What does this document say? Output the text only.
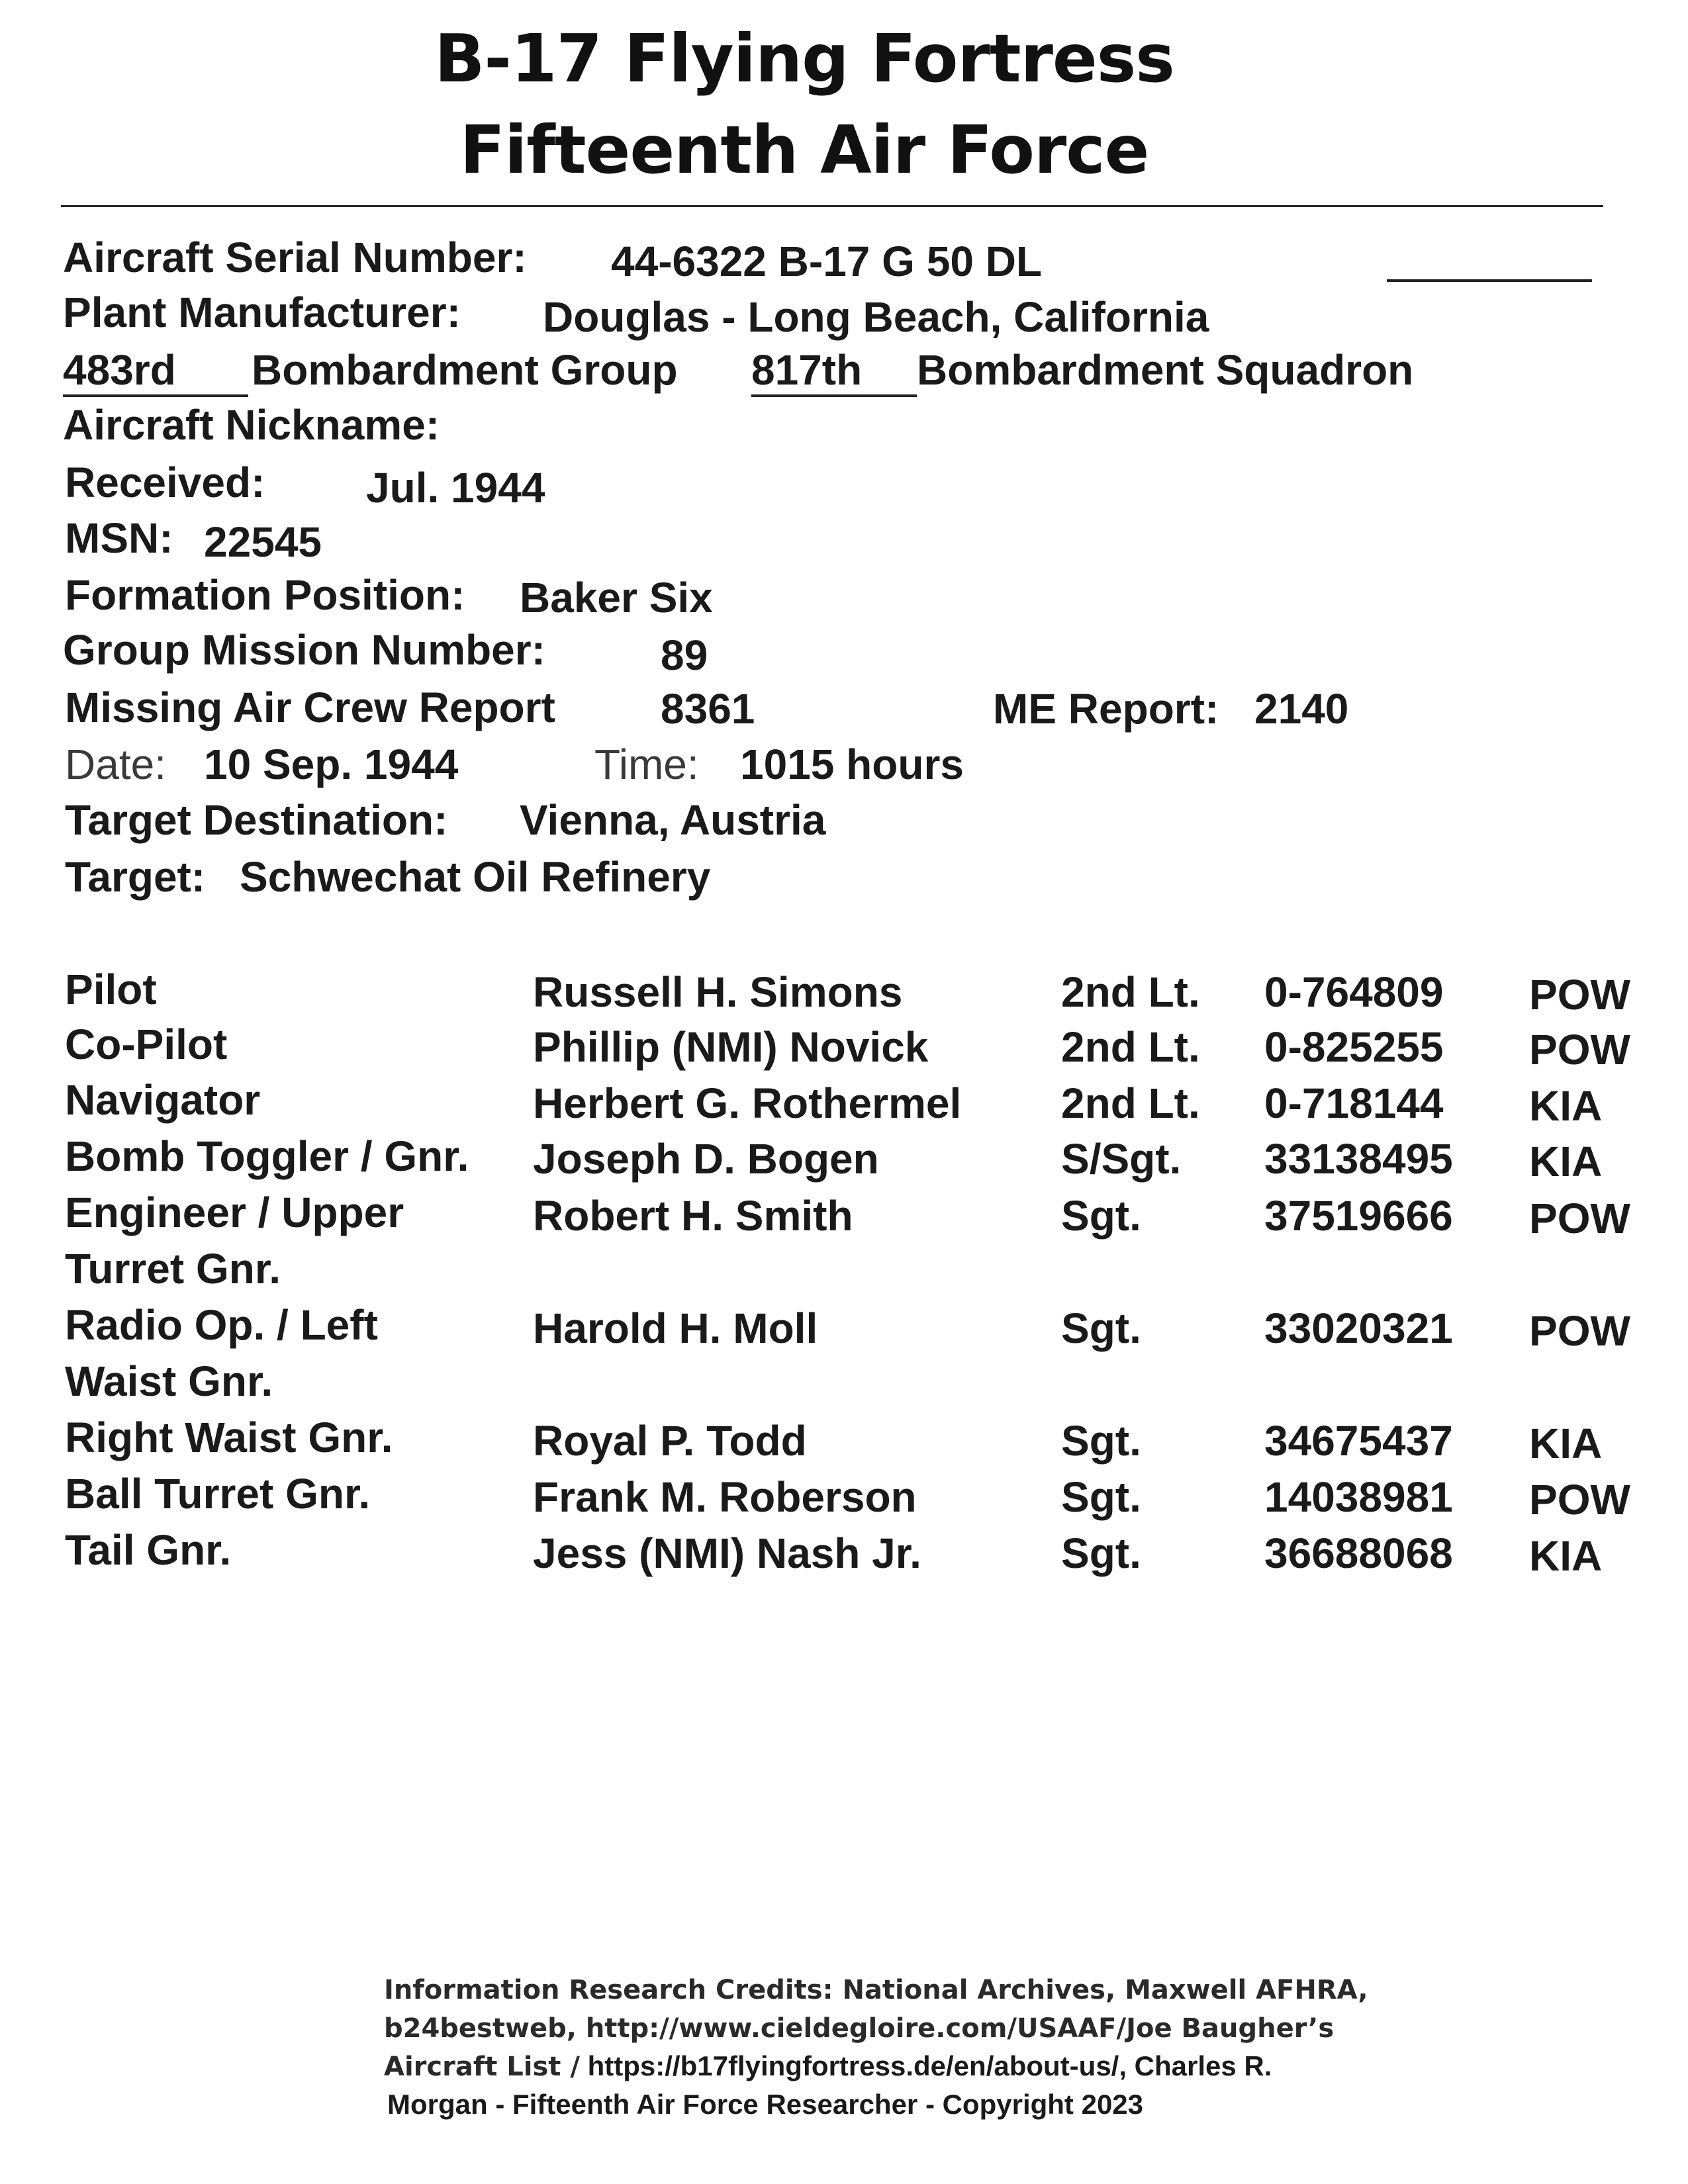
B-17 Flying Fortress
Fifteenth Air Force
Aircraft Serial Number: 44-6322 B-17 G 50 DL
Plant Manufacturer: Douglas - Long Beach, California
483rd	Bombardment Group 817th	Bombardment Squadron
Aircraft Nickname:
Received: Jul. 1944
MSN: 22545
Formation Position: Baker Six
Group Mission Number:	89
Missing Air Crew Report 8361	ME Report: 2140
Date: 10 Sep. 1944	Time: 1015 hours
Target Destination: Vienna, Austria
Target: Schwechat Oil Refinery
Pilot	Russell H. Simons	2nd Lt. 0-764809 POW
Co-Pilot	Phillip (NMI) Novick	2nd Lt. 0-825255 POW
Navigator	Herbert G. Rothermel 2nd Lt. 0-718144 KIA
Bomb Toggler / Gnr. Joseph D. Bogen	S/Sgt. 33138495 KIA
Engineer / Upper
Turret Gnr.
Robert H. Smith	Sgt.	37519666 POW
Radio Op. / Left
Waist Gnr.
Harold H. Moll	Sgt.	33020321 POW
Right Waist Gnr.	Royal P. Todd	Sgt.	34675437 KIA
Ball Turret Gnr.	Frank M. Roberson	Sgt.	14038981 POW
Tail Gnr.	Jess (NMI) Nash Jr.	Sgt.	36688068 KIA
Information Research Credits: National Archives, Maxwell AFHRA,
b24bestweb, http://www.cieldegloire.com/USAAF/Joe Baugher’s
Aircraft List / https://b17flyingfortress.de/en/about-us/, Charles R.
Morgan - Fifteenth Air Force Researcher - Copyright 2023
